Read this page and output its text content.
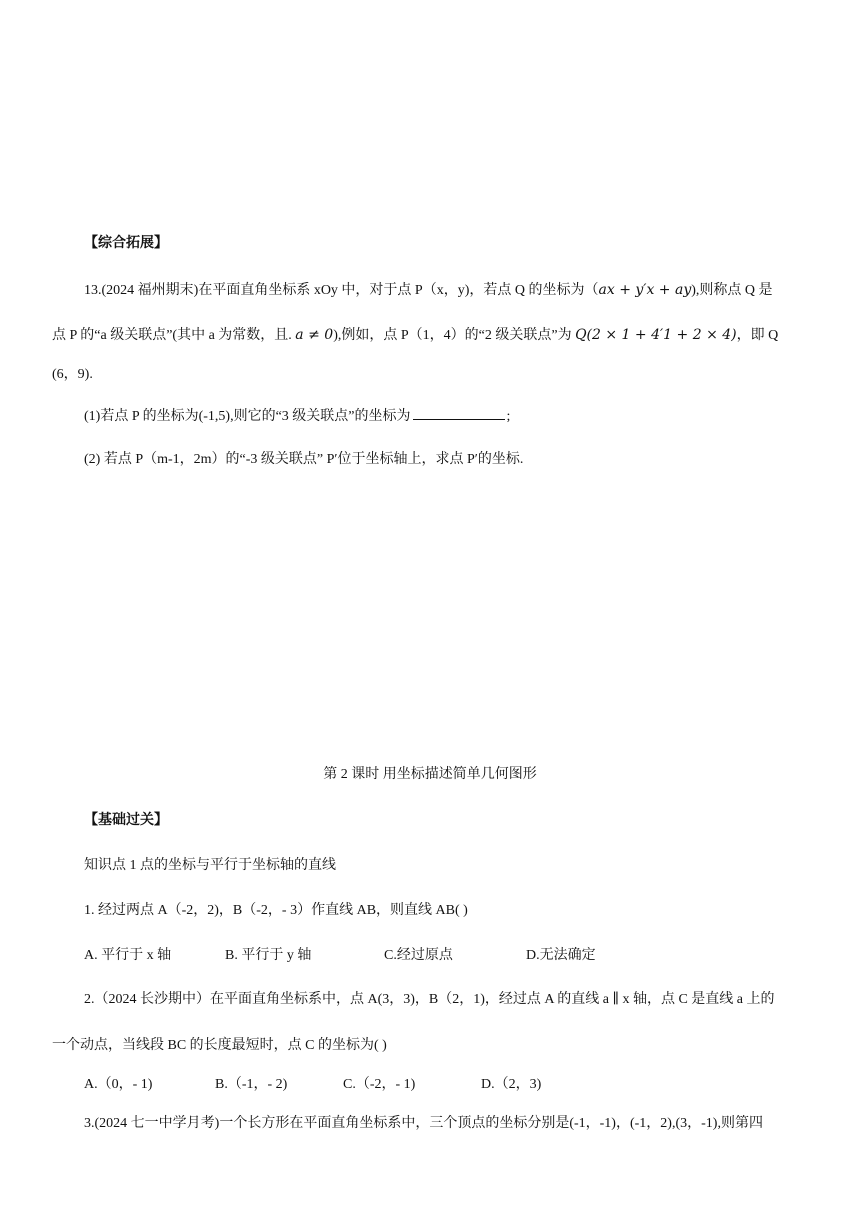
【综合拓展】
13.(2024 福州期末)在平面直角坐标系 xOy 中，对于点 P（x，y)，若点 Q 的坐标为（ax + y′x + ay),则称点 Q 是
点 P 的“a 级关联点”(其中 a 为常数，且. a ≠ 0),例如，点 P（1，4）的“2 级关联点”为 Q(2 × 1 + 4′1 + 2 × 4)，即 Q
(6，9).
(1)若点 P 的坐标为(-1,5),则它的“3 级关联点”的坐标为	;
(2) 若点 P（m-1，2m）的“-3 级关联点” P′位于坐标轴上，求点 P′的坐标.
第 2 课时 用坐标描述简单几何图形
【基础过关】
知识点 1 点的坐标与平行于坐标轴的直线
1. 经过两点 A（-2，2)，B（-2，- 3）作直线 AB，则直线 AB( )
A. 平行于 x 轴	B. 平行于 y 轴	C.经过原点	D.无法确定
2.（2024 长沙期中）在平面直角坐标系中，点 A(3，3)，B（2，1)，经过点 A 的直线 a ∥ x 轴，点 C 是直线 a 上的
一个动点，当线段 BC 的长度最短时，点 C 的坐标为( )
A.（0，- 1)	B.（-1，- 2)	C.（-2，- 1)	D.（2，3)
3.(2024 七一中学月考)一个长方形在平面直角坐标系中，三个顶点的坐标分别是(-1，-1)，(-1，2),(3，-1),则第四
